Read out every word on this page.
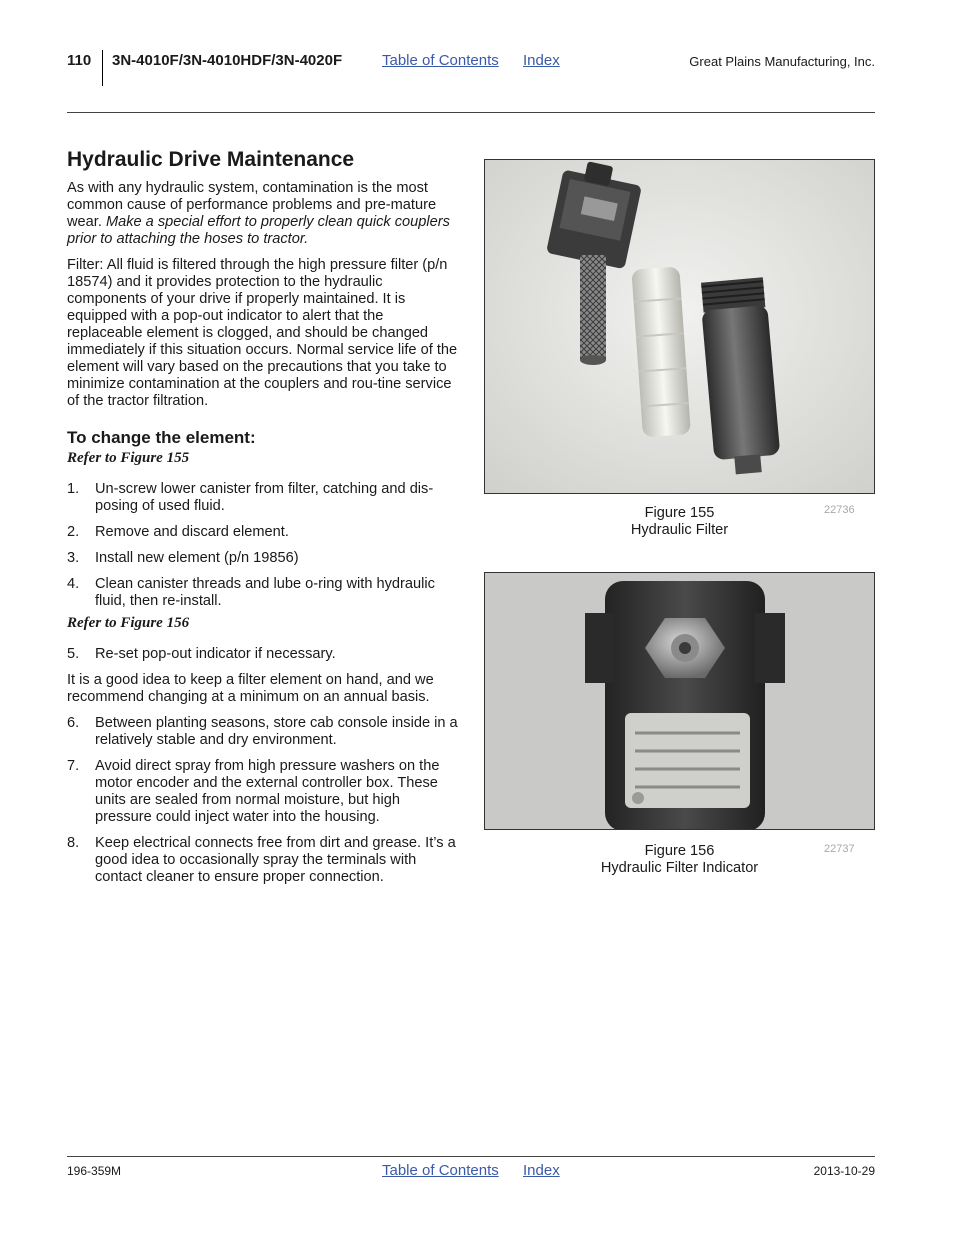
110 3N-4010F/3N-4010HDF/3N-4020F	Table of Contents Index	Great Plains Manufacturing, Inc.
Hydraulic Drive Maintenance

As with any hydraulic system, contamination is the most common cause of performance problems and pre-mature wear. Make a special effort to properly clean quick couplers prior to attaching the hoses to tractor.

Filter: All fluid is filtered through the high pressure filter (p/n 18574) and it provides protection to the hydraulic components of your drive if properly maintained. It is equipped with a pop-out indicator to alert that the replaceable element is clogged, and should be changed immediately if this situation occurs. Normal service life of the element will vary based on the precautions that you take to minimize contamination at the couplers and rou-tine service of the tractor filtration.

To change the element:
Refer to Figure 155
1. Un-screw lower canister from filter, catching and dis-posing of used fluid.
2. Remove and discard element.
3. Install new element (p/n 19856)
4. Clean canister threads and lube o-ring with hydraulic fluid, then re-install.
Refer to Figure 156
5. Re-set pop-out indicator if necessary.

It is a good idea to keep a filter element on hand, and we recommend changing at a minimum on an annual basis.

6. Between planting seasons, store cab console inside in a relatively stable and dry environment.
7. Avoid direct spray from high pressure washers on the motor encoder and the external controller box. These units are sealed from normal moisture, but high pressure could inject water into the housing.
8. Keep electrical connects free from dirt and grease. It’s a good idea to occasionally spray the terminals with contact cleaner to ensure proper connection.
Figure 155
Hydraulic Filter
22736
Figure 156
Hydraulic Filter Indicator
22737
196-359M	Table of Contents Index	2013-10-29
